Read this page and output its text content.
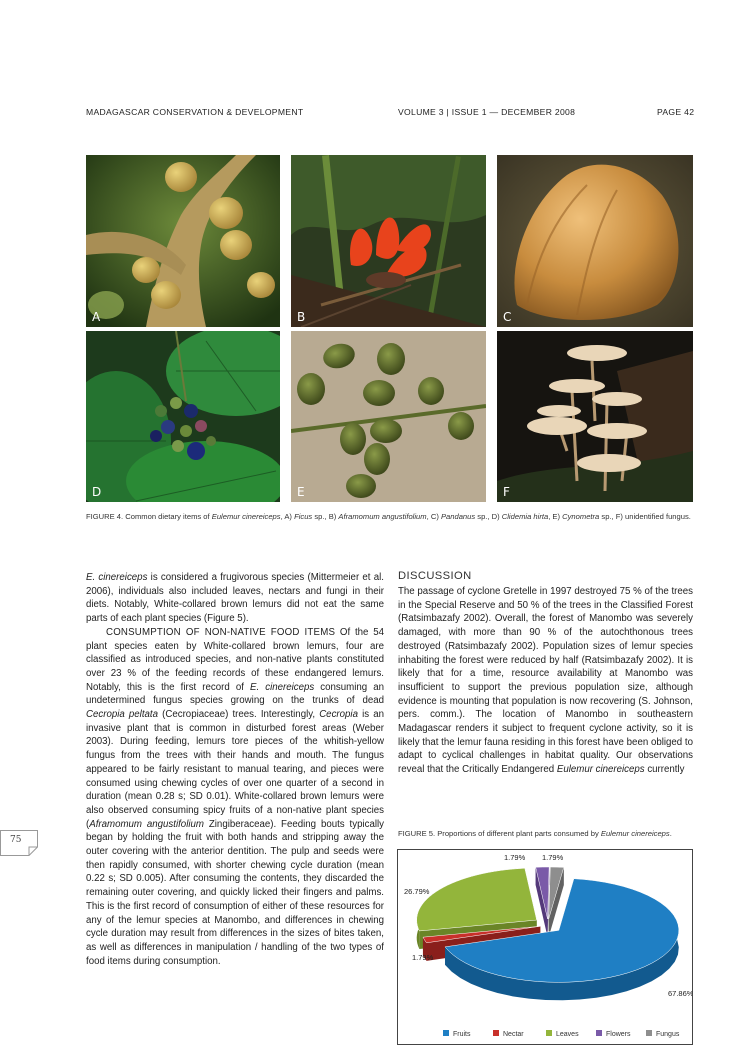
MADAGASCAR CONSERVATION & DEVELOPMENT	VOLUME 3 | ISSUE 1 — DECEMBER 2008	PAGE 42
A	B	C
D	E	F
FIGURE 4. Common dietary items of Eulemur cinereiceps, A) Ficus sp., B) Aframomum angustifolium, C) Pandanus sp., D) Clidemia hirta, E) Cynometra sp., F) unidentified fungus.

E. cinereiceps is considered a frugivorous species (Mittermeier et al. 2006), individuals also included leaves, nectars and fungi in their diets. Notably, White-collared brown lemurs did not eat the same parts of each plant species (Figure 5).

CONSUMPTION OF NON-NATIVE FOOD ITEMS Of the 54 plant species eaten by White-collared brown lemurs, four are classified as introduced species, and non-native plants constituted over 23 % of the feeding records of these endangered lemurs. Notably, this is the first record of E. cinereiceps consuming an undetermined fungus species growing on the trunks of dead Cecropia peltata (Cecropiaceae) trees. Interestingly, Cecropia is an invasive plant that is common in disturbed forest areas (Weber 2003). During feeding, lemurs tore pieces of the whitish-yellow fungus from the trees with their hands and mouth. The fungus appeared to be fairly resistant to manual tearing, and pieces were consumed using chewing cycles of over one quarter of a second in duration (mean 0.28 s; SD 0.01). White-collared brown lemurs were also observed consuming spicy fruits of a non-native plant species (Aframomum angustifolium Zingiberaceae). Feeding bouts typically began by holding the fruit with both hands and stripping away the outer covering with the anterior dentition. The pulp and seeds were then rapidly consumed, with shorter chewing cycle duration (mean 0.22 s; SD 0.005). After consuming the contents, they discarded the remaining outer covering, and quickly licked their fingers and palms. This is the first record of consumption of either of these resources for any of the lemur species at Manombo, and differences in chewing cycle duration may result from differences in the sizes of bites taken, as well as differences in manipulation / handling of the two types of food items during consumption.

DISCUSSION

The passage of cyclone Gretelle in 1997 destroyed 75 % of the trees in the Special Reserve and 50 % of the trees in the Classified Forest (Ratsimbazafy 2002). Overall, the forest of Manombo was severely damaged, with more than 90 % of the autochthonous trees destroyed (Ratsimbazafy 2002). Population sizes of lemur species inhabiting the forest were reduced by half (Ratsimbazafy 2002). It is likely that for a time, resource availability at Manombo was insufficient to support the previous population size, although evidence is mounting that population is now recovering (S. Johnson, pers. comm.). The location of Manombo in southeastern Madagascar renders it subject to frequent cyclone activity, so it is likely that the lemur fauna residing in this forest have been obliged to adapt to cyclical challenges in habitat quality. Our observations reveal that the Critically Endangered Eulemur cinereiceps currently

75
FIGURE 5. Proportions of different plant parts consumed by Eulemur cinereiceps.
67.86%
1.79%
26.79%
1.79% 1.79%
Fruits	Nectar	Leaves	Flowers	Fungus
